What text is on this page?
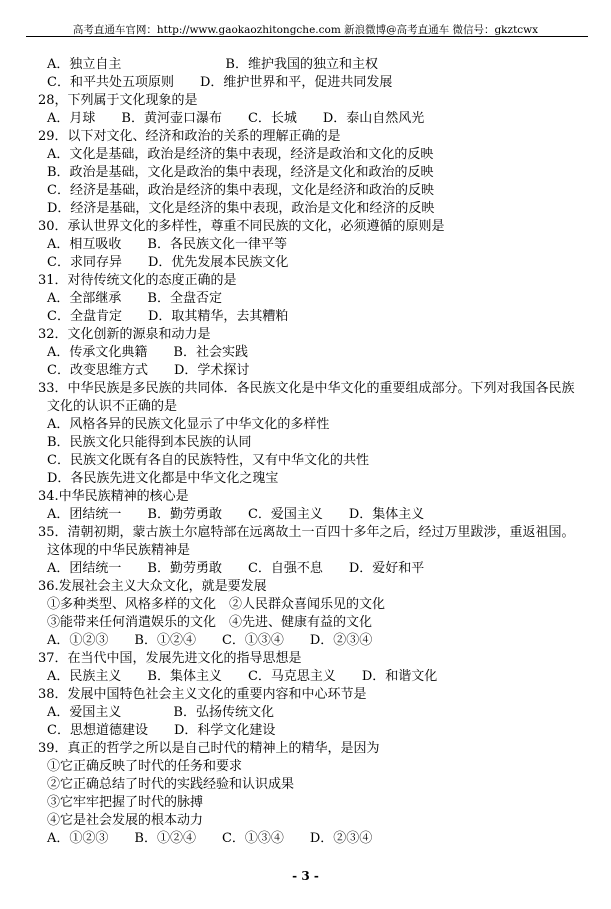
高考直通车官网：http://www.gaokaozhitongche.com 新浪微博@高考直通车 微信号：gkztcwx
A．独立自主　　　　　　　　B．维护我国的独立和主权
C．和平共处五项原则　　D．维护世界和平，促进共同发展
28，下列属于文化现象的是
A．月球　　B．黄河壶口瀑布　　C．长城　　D．泰山自然风光
29．以下对文化、经济和政治的关系的理解正确的是
A．文化是基础，政治是经济的集中表现，经济是政治和文化的反映
B．政治是基础，文化是政治的集中表现，经济是文化和政治的反映
C．经济是基础，政治是经济的集中表现，文化是经济和政治的反映
D．经济是基础，文化是经济的集中表现，政治是文化和经济的反映
30．承认世界文化的多样性，尊重不同民族的文化，必须遵循的原则是
A．相互吸收　　B．各民族文化一律平等
C．求同存异　　D．优先发展本民族文化
31．对待传统文化的态度正确的是
A．全部继承　　B．全盘否定
C．全盘肯定　　D．取其精华，去其糟粕
32．文化创新的源泉和动力是
A．传承文化典籍　　B．社会实践
C．改变思维方式　　D．学术探讨
33．中华民族是多民族的共同体．各民族文化是中华文化的重要组成部分。下列对我国各民族
文化的认识不正确的是
A．风格各异的民族文化显示了中华文化的多样性
B．民族文化只能得到本民族的认同
C．民族文化既有各自的民族特性，又有中华文化的共性
D．各民族先进文化都是中华文化之瑰宝
34.中华民族精神的核心是
A．团结统一　　B．勤劳勇敢　　C．爱国主义　　D．集体主义
35．清朝初期，蒙古族土尔扈特部在远离故土一百四十多年之后，经过万里跋涉，重返祖国。
这体现的中华民族精神是
A．团结统一　　B．勤劳勇敢　　C．自强不息　　D．爱好和平
36.发展社会主义大众文化，就是要发展
①多种类型、风格多样的文化　②人民群众喜闻乐见的文化
③能带来任何消遣娱乐的文化　④先进、健康有益的文化
A．①②③　　B．①②④　　C．①③④　　D．②③④
37．在当代中国，发展先进文化的指导思想是
A．民族主义　　B．集体主义　　C．马克思主义　　D．和谐文化
38．发展中国特色社会主义文化的重要内容和中心环节是
A．爱国主义　　　　B．弘扬传统文化
C．思想道德建设　　D．科学文化建设
39．真正的哲学之所以是自己时代的精神上的精华，是因为
①它正确反映了时代的任务和要求
②它正确总结了时代的实践经验和认识成果
③它牢牢把握了时代的脉搏
④它是社会发展的根本动力
A．①②③　　B．①②④　　C．①③④　　D．②③④
- 3 -
